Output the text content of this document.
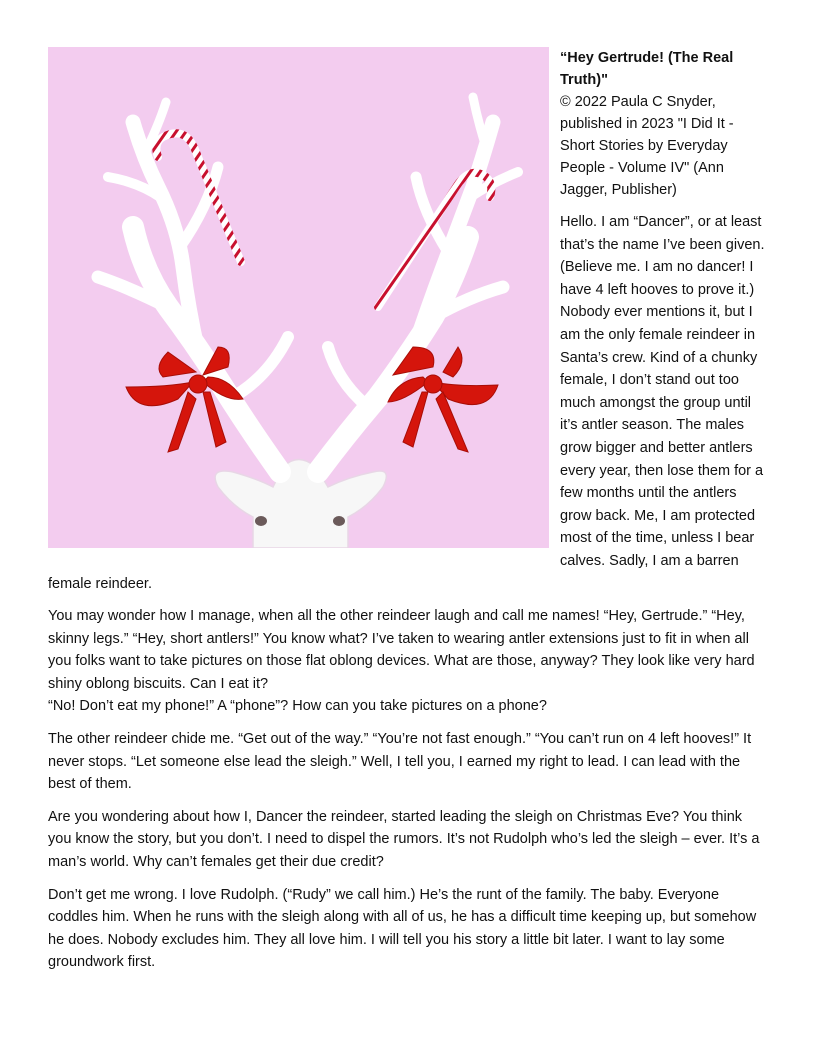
“Hey Gertrude! (The Real Truth)"
© 2022 Paula C Snyder, published in 2023 "I Did It - Short Stories by Everyday People - Volume IV" (Ann Jagger, Publisher)

Hello. I am “Dancer”, or at least that’s the name I’ve been given. (Believe me. I am no dancer! I have 4 left hooves to prove it.) Nobody ever mentions it, but I am the only female reindeer in Santa’s crew. Kind of a chunky female, I don’t stand out too much amongst the group until it’s antler season. The males grow bigger and better antlers every year, then lose them for a few months until the antlers grow back. Me, I am protected most of the time, unless I bear calves. Sadly, I am a barren female reindeer.

You may wonder how I manage, when all the other reindeer laugh and call me names! “Hey, Gertrude.” “Hey, skinny legs.” “Hey, short antlers!” You know what? I’ve taken to wearing antler extensions just to fit in when all you folks want to take pictures on those flat oblong devices. What are those, anyway? They look like very hard shiny oblong biscuits. Can I eat it?

“No! Don’t eat my phone!” A “phone”? How can you take pictures on a phone?

The other reindeer chide me. “Get out of the way.” “You’re not fast enough.” “You can’t run on 4 left hooves!” It never stops. “Let someone else lead the sleigh.” Well, I tell you, I earned my right to lead. I can lead with the best of them.

Are you wondering about how I, Dancer the reindeer, started leading the sleigh on Christmas Eve? You think you know the story, but you don’t. I need to dispel the rumors. It’s not Rudolph who’s led the sleigh – ever. It’s a man’s world. Why can’t females get their due credit?

Don’t get me wrong. I love Rudolph. (“Rudy” we call him.) He’s the runt of the family. The baby. Everyone coddles him. When he runs with the sleigh along with all of us, he has a difficult time keeping up, but somehow he does. Nobody excludes him. They all love him. I will tell you his story a little bit later. I want to lay some groundwork first.
